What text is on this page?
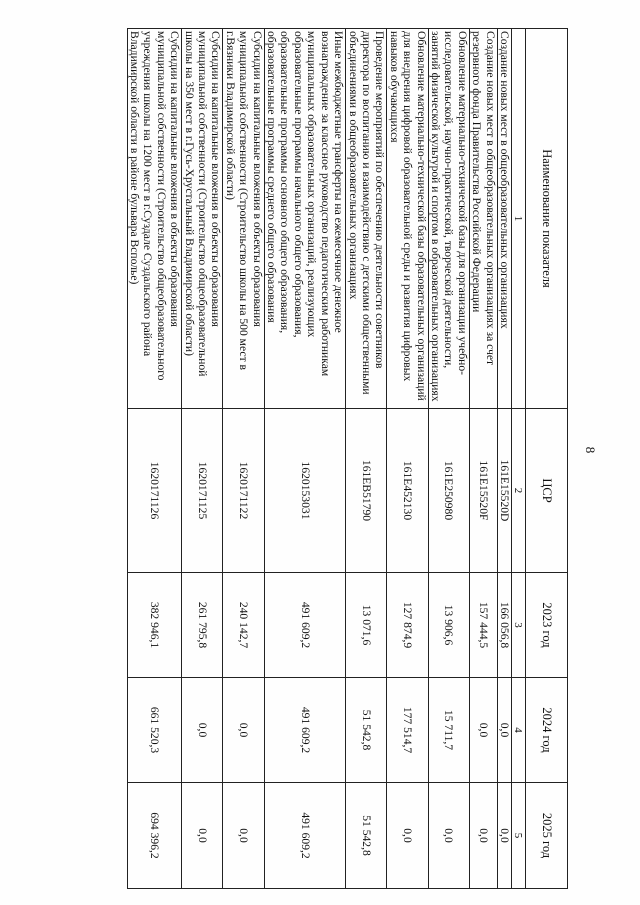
8
Наименование показателя	ЦСР	2023 год	2024 год	2025 год
1	2	3	4	5
Создание новых мест в общеобразовательных организациях	161E15520D	166 056,8	0,0	0,0
Создание новых мест в общеобразовательных организациях за счет резервного фонда Правительства Российской Федерации	161E15520F	157 444,5	0,0	0,0
Обновление материально-технической базы для организации учебно-исследовательской, научно-практической, творческой деятельности, занятий физической культурой и спортом в образовательных организациях	161E250980	13 906,6	15 711,7	0,0
Обновление материально-технической базы образовательных организаций для внедрения цифровой образовательной среды и развития цифровых навыков обучающихся	161E452130	127 874,9	177 514,7	0,0
Проведение мероприятий по обеспечению деятельности советников директора по воспитанию и взаимодействию с детскими общественными объединениями в общеобразовательных организациях	161EB51790	13 071,6	51 542,8	51 542,8
Иные межбюджетные трансферты на ежемесячное денежное вознаграждение за классное руководство педагогическим работникам муниципальных образовательных организаций, реализующих образовательные программы начального общего образования, образовательные программы основного общего образования, образовательные программы среднего общего образования	1620153031	491 609,2	491 609,2	491 609,2
Субсидии на капитальные вложения в объекты образования муниципальной собственности (Строительство школы на 500 мест в г.Вязники Владимирской области)	1620171122	240 142,7	0,0	0,0
Субсидии на капитальные вложения в объекты образования муниципальной собственности (Строительство общеобразовательной школы на 350 мест в г.Гусь-Хрустальный Владимирской области)	1620171125	261 795,8	0,0	0,0
Субсидии на капитальные вложения в объекты образования муниципальной собственности (Строительство общеобразовательного учреждения школы на 1200 мест в г.Суздале Суздальского района Владимирской области в районе бульвара Всполье)	1620171126	382 946,1	661 520,3	694 396,2
